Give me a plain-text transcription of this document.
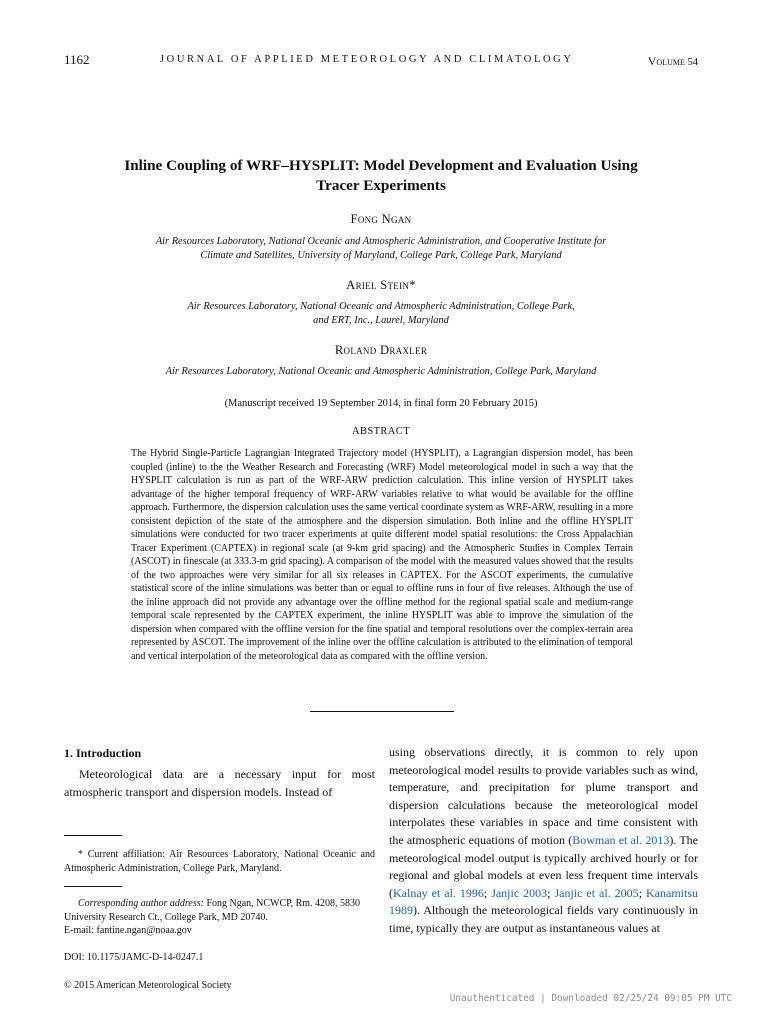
1162	JOURNAL OF APPLIED METEOROLOGY AND CLIMATOLOGY	Volume 54
Inline Coupling of WRF–HYSPLIT: Model Development and Evaluation Using
Tracer Experiments
Fong Ngan
Air Resources Laboratory, National Oceanic and Atmospheric Administration, and Cooperative Institute for
Climate and Satellites, University of Maryland, College Park, College Park, Maryland
Ariel Stein*
Air Resources Laboratory, National Oceanic and Atmospheric Administration, College Park,
and ERT, Inc., Laurel, Maryland
Roland Draxler
Air Resources Laboratory, National Oceanic and Atmospheric Administration, College Park, Maryland
(Manuscript received 19 September 2014, in final form 20 February 2015)
ABSTRACT
The Hybrid Single-Particle Lagrangian Integrated Trajectory model (HYSPLIT), a Lagrangian dispersion model, has been coupled (inline) to the the Weather Research and Forecasting (WRF) Model meteorological model in such a way that the HYSPLIT calculation is run as part of the WRF-ARW prediction calculation. This inline version of HYSPLIT takes advantage of the higher temporal frequency of WRF-ARW variables relative to what would be available for the offline approach. Furthermore, the dispersion calculation uses the same vertical coordinate system as WRF-ARW, resulting in a more consistent depiction of the state of the atmosphere and the dispersion simulation. Both inline and the offline HYSPLIT simulations were conducted for two tracer experiments at quite different model spatial resolutions: the Cross Appalachian Tracer Experiment (CAPTEX) in regional scale (at 9-km grid spacing) and the Atmospheric Studies in Complex Terrain (ASCOT) in finescale (at 333.3-m grid spacing). A comparison of the model with the measured values showed that the results of the two approaches were very similar for all six releases in CAPTEX. For the ASCOT experiments, the cumulative statistical score of the inline simulations was better than or equal to offline runs in four of five releases. Although the use of the inline approach did not provide any advantage over the offline method for the regional spatial scale and medium-range temporal scale represented by the CAPTEX experiment, the inline HYSPLIT was able to improve the simulation of the dispersion when compared with the offline version for the fine spatial and temporal resolutions over the complex-terrain area represented by ASCOT. The improvement of the inline over the offline calculation is attributed to the elimination of temporal and vertical interpolation of the meteorological data as compared with the offline version.
1. Introduction
Meteorological data are a necessary input for most atmospheric transport and dispersion models. Instead of
* Current affiliation: Air Resources Laboratory, National Oceanic and Atmospheric Administration, College Park, Maryland.
Corresponding author address: Fong Ngan, NCWCP, Rm. 4208, 5830 University Research Ct., College Park, MD 20740.
E-mail: fantine.ngan@noaa.gov
DOI: 10.1175/JAMC-D-14-0247.1
© 2015 American Meteorological Society
using observations directly, it is common to rely upon meteorological model results to provide variables such as wind, temperature, and precipitation for plume transport and dispersion calculations because the meteorological model interpolates these variables in space and time consistent with the atmospheric equations of motion (Bowman et al. 2013). The meteorological model output is typically archived hourly or for regional and global models at even less frequent time intervals (Kalnay et al. 1996; Janjic 2003; Janjic et al. 2005; Kanamitsu 1989). Although the meteorological fields vary continuously in time, typically they are output as instantaneous values at
Unauthenticated | Downloaded 02/25/24 09:05 PM UTC
